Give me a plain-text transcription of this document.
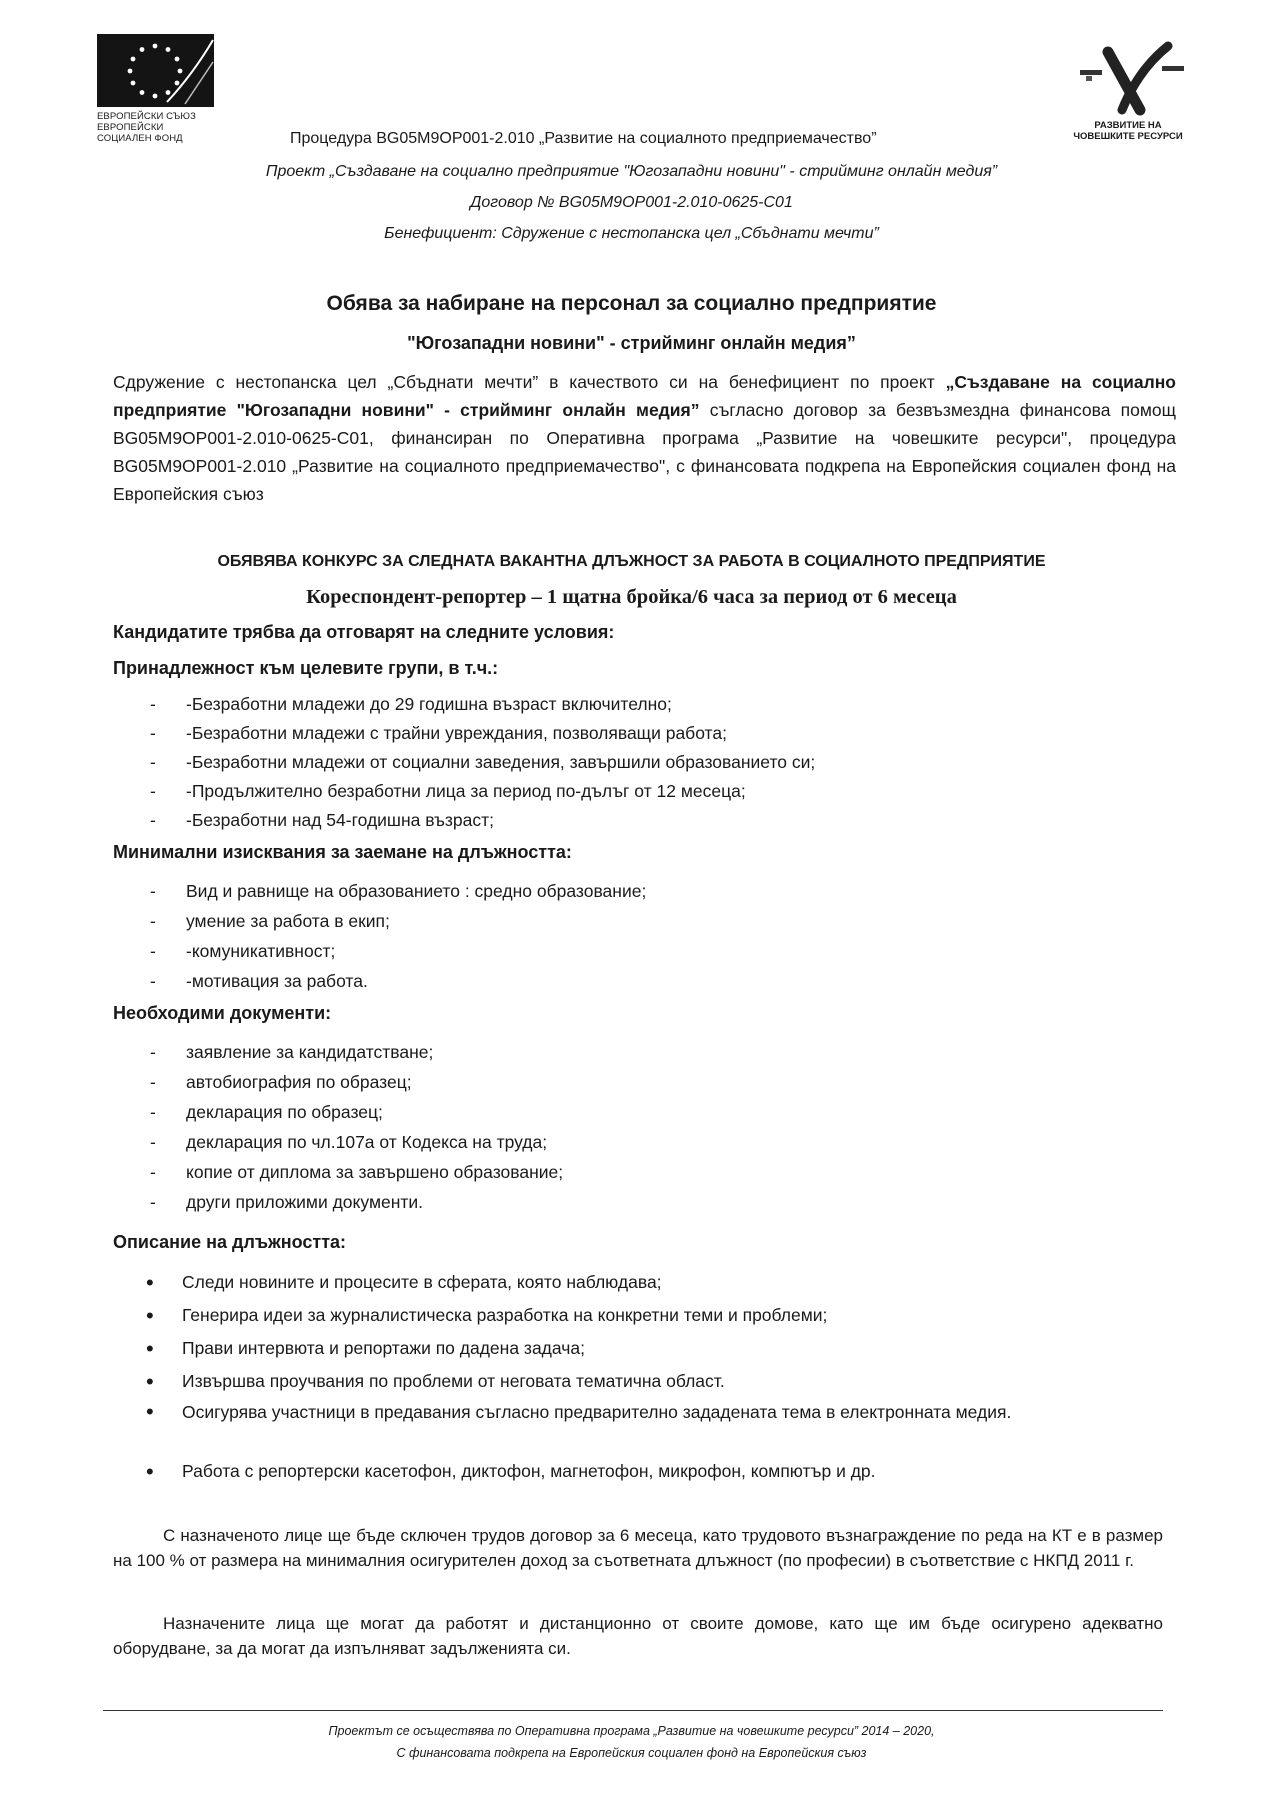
ЕВРОПЕЙСКИ СЪЮЗ
ЕВРОПЕЙСКИ
СОЦИАЛЕН ФОНД
РАЗВИТИЕ НА
ЧОВЕШКИТЕ РЕСУРСИ
Процедура BG05M9OP001-2.010 „Развитие на социалното предприемачество”
Проект „Създаване на социално предприятие "Югозападни новини" - стрийминг онлайн медия”
Договор № BG05M9OP001-2.010-0625-C01
Бенефициент: Сдружение с нестопанска цел „Сбъднати мечти”
Обява за набиране на персонал за социално предприятие
"Югозападни новини" - стрийминг онлайн медия”
Сдружение с нестопанска цел „Сбъднати мечти” в качеството си на бенефициент по проект „Създаване на социално предприятие "Югозападни новини" - стрийминг онлайн медия” съгласно договор за безвъзмездна финансова помощ BG05M9OP001-2.010-0625-C01, финансиран по Оперативна програма „Развитие на човешките ресурси", процедура BG05M9OP001-2.010 „Развитие на социалното предприемачество", с финансовата подкрепа на Европейския социален фонд на Европейския съюз
ОБЯВЯВА КОНКУРС ЗА СЛЕДНАТА ВАКАНТНА ДЛЪЖНОСТ ЗА РАБОТА В СОЦИАЛНОТО ПРЕДПРИЯТИЕ
Кореспондент-репортер – 1 щатна бройка/6 часа за период от 6 месеца
Кандидатите трябва да отговарят на следните условия:
Принадлежност към целевите групи, в т.ч.:
- -Безработни младежи до 29 годишна възраст включително;
- -Безработни младежи с трайни увреждания, позволяващи работа;
- -Безработни младежи от социални заведения, завършили образованието си;
- -Продължително безработни лица за период по-дълъг от 12 месеца;
- -Безработни над 54-годишна възраст;
Минимални изисквания за заемане на длъжността:
- Вид и равнище на образованието : средно образование;
- умение за работа в екип;
- -комуникативност;
- -мотивация за работа.
Необходими документи:
- заявление за кандидатстване;
- автобиография по образец;
- декларация по образец;
- декларация по чл.107а от Кодекса на труда;
- копие от диплома за завършено образование;
- други приложими документи.
Описание на длъжността:
• Следи новините и процесите в сферата, която наблюдава;
• Генерира идеи за журналистическа разработка на конкретни теми и проблеми;
• Прави интервюта и репортажи по дадена задача;
• Извършва проучвания по проблеми от неговата тематична област.
• Осигурява участници в предавания съгласно предварително зададената тема в електронната медия.
• Работа с репортерски касетофон, диктофон, магнетофон, микрофон, компютър и др.
С назначеното лице ще бъде сключен трудов договор за 6 месеца, като трудовото възнаграждение по реда на КТ е в размер на 100 % от размера на минималния осигурителен доход за съответната длъжност (по професии) в съответствие с НКПД 2011 г.
Назначените лица ще могат да работят и дистанционно от своите домове, като ще им бъде осигурено адекватно оборудване, за да могат да изпълняват задълженията си.
Проектът се осъществява по Оперативна програма „Развитие на човешките ресурси” 2014 – 2020,
С финансовата подкрепа на Европейския социален фонд на Европейския съюз
